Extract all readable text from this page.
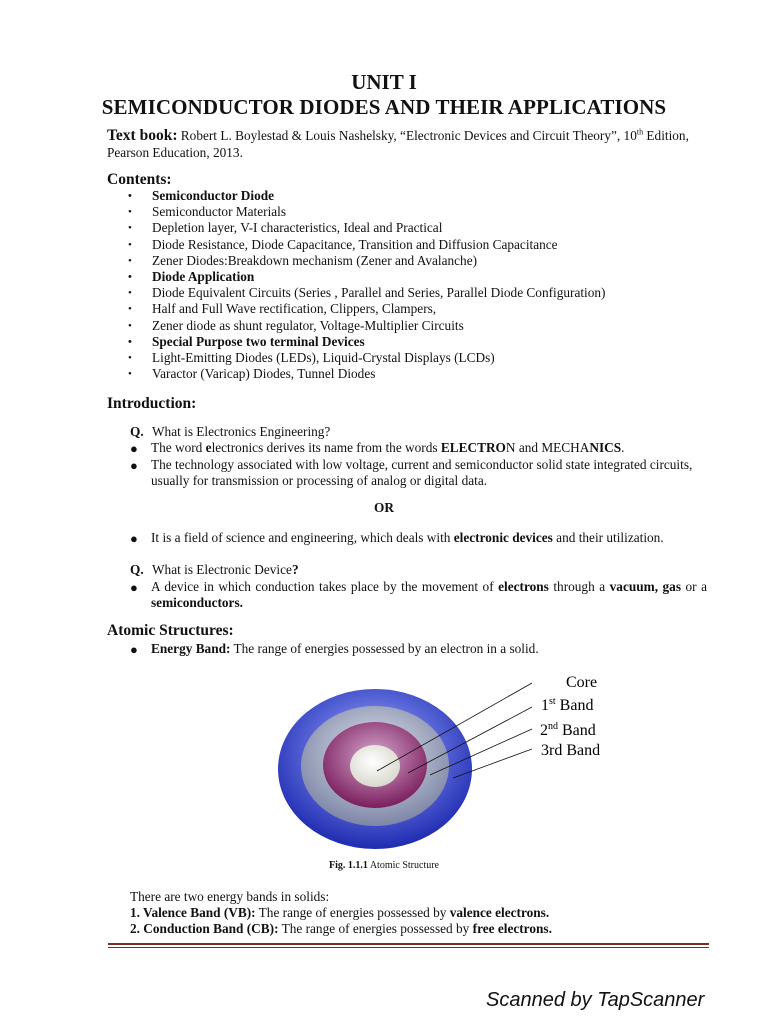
UNIT I
SEMICONDUCTOR DIODES AND THEIR APPLICATIONS
Text book: Robert L. Boylestad & Louis Nashelsky, “Electronic Devices and Circuit Theory”, 10th Edition, Pearson Education, 2013.
Contents:
• Semiconductor Diode
• Semiconductor Materials
• Depletion layer, V-I characteristics, Ideal and Practical
• Diode Resistance, Diode Capacitance, Transition and Diffusion Capacitance
• Zener Diodes:Breakdown mechanism (Zener and Avalanche)
• Diode Application
• Diode Equivalent Circuits (Series , Parallel and Series, Parallel Diode Configuration)
• Half and Full Wave rectification, Clippers, Clampers,
• Zener diode as shunt regulator, Voltage-Multiplier Circuits
• Special Purpose two terminal Devices
• Light-Emitting Diodes (LEDs), Liquid-Crystal Displays (LCDs)
• Varactor (Varicap) Diodes, Tunnel Diodes
Introduction:
Q. What is Electronics Engineering?
● The word electronics derives its name from the words ELECTRON and MECHANICS.
● The technology associated with low voltage, current and semiconductor solid state integrated circuits, usually for transmission or processing of analog or digital data.
OR
● It is a field of science and engineering, which deals with electronic devices and their utilization.
Q. What is Electronic Device?
● A device in which conduction takes place by the movement of electrons through a vacuum, gas or a semiconductors.
Atomic Structures:
● Energy Band: The range of energies possessed by an electron in a solid.
Core
1st Band
2nd Band
3rd Band
Fig. 1.1.1 Atomic Structure
There are two energy bands in solids:
1. Valence Band (VB): The range of energies possessed by valence electrons.
2. Conduction Band (CB): The range of energies possessed by free electrons.
Scanned by TapScanner
